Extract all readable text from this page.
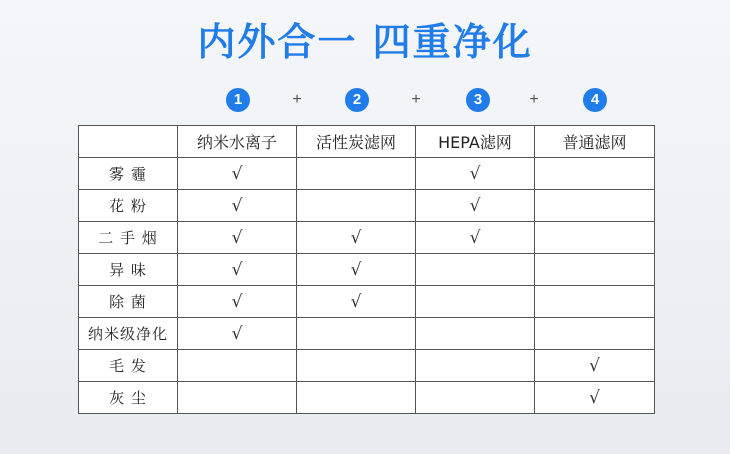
内外合一 四重净化
1	+	2	+	3	+	4
	纳米水离子	活性炭滤网	HEPA滤网	普通滤网
雾 霾	√		√	
花 粉	√		√	
二 手 烟	√	√	√	
异 味	√	√		
除 菌	√	√		
纳米级净化	√			
毛 发				√
灰 尘				√
